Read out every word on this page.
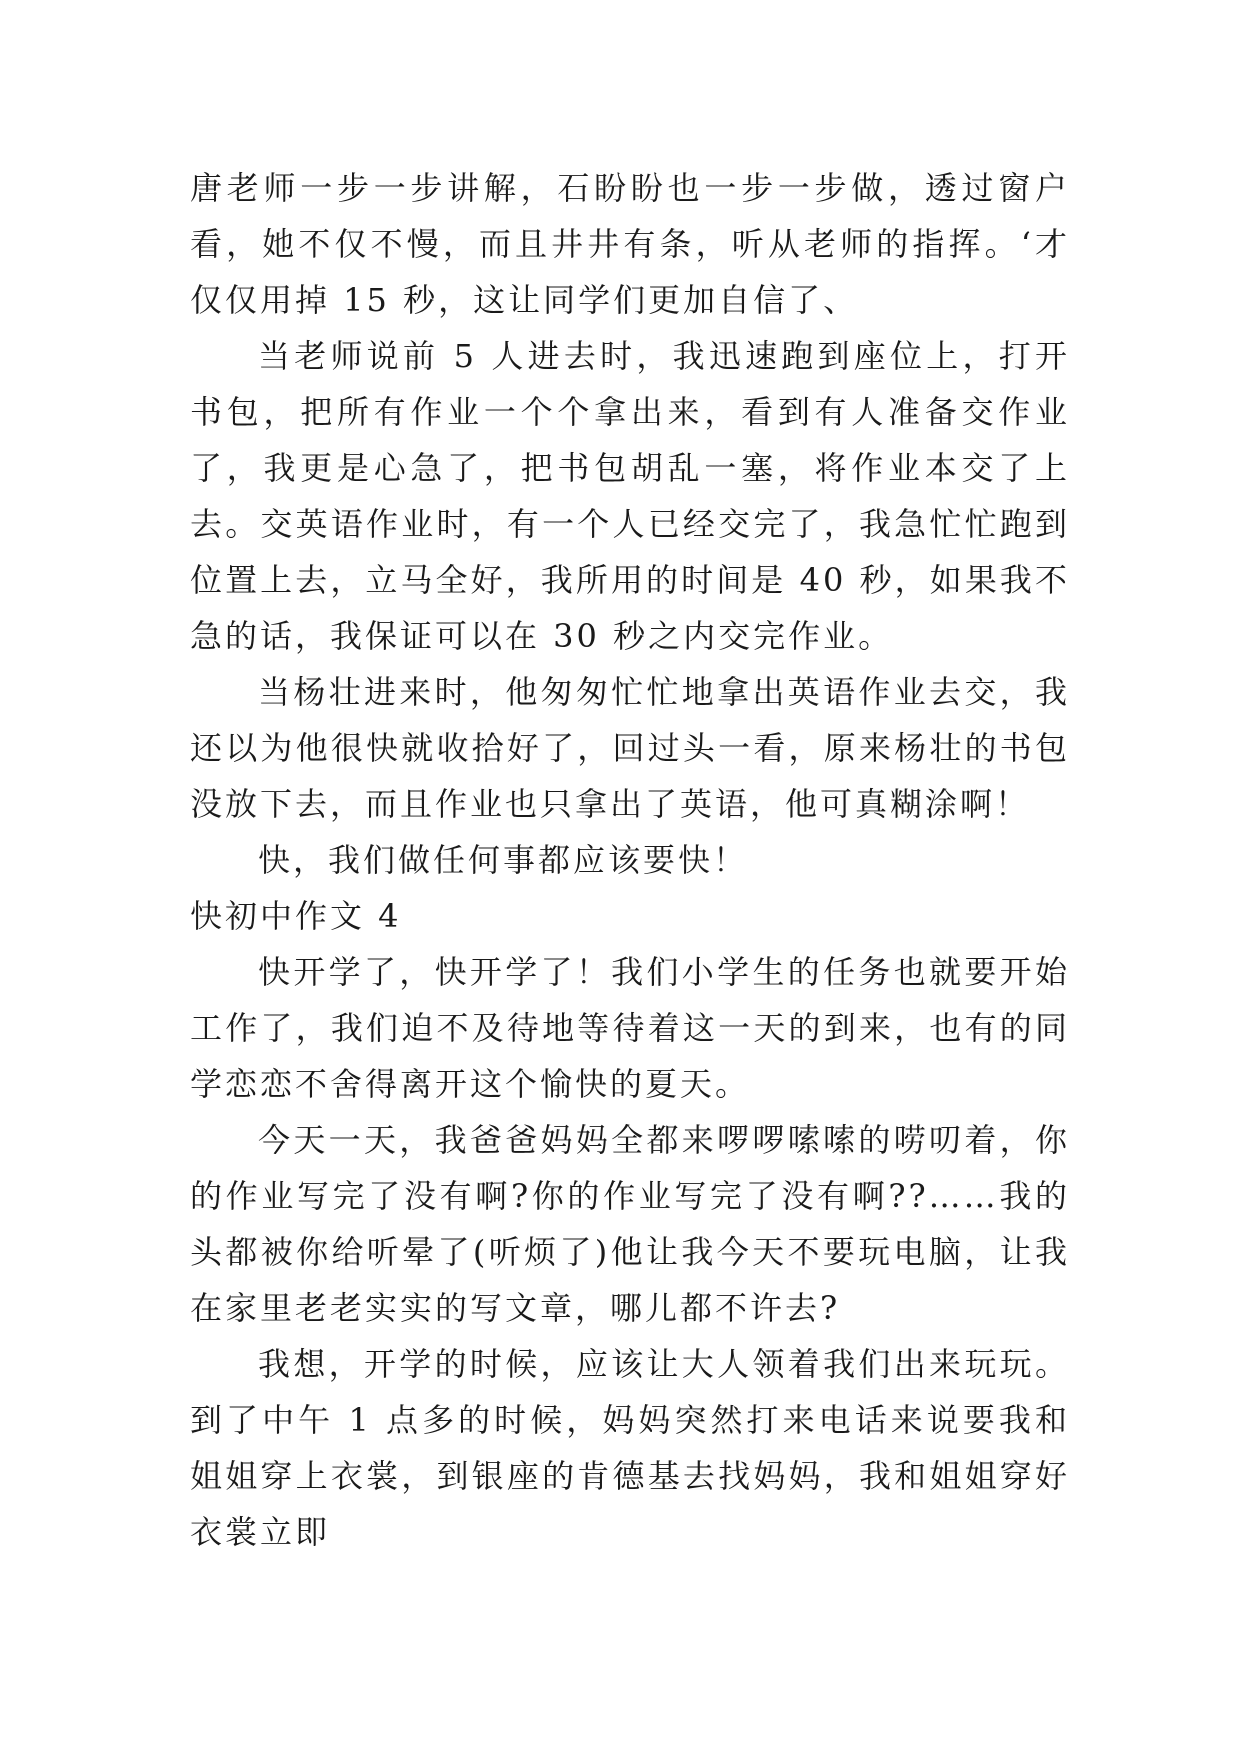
唐老师一步一步讲解，石盼盼也一步一步做，透过窗户看，她不仅不慢，而且井井有条，听从老师的指挥。‘才仅仅用掉 15 秒，这让同学们更加自信了、

当老师说前 5 人进去时，我迅速跑到座位上，打开书包，把所有作业一个个拿出来，看到有人准备交作业了，我更是心急了，把书包胡乱一塞，将作业本交了上去。交英语作业时，有一个人已经交完了，我急忙忙跑到位置上去，立马全好，我所用的时间是 40 秒，如果我不急的话，我保证可以在 30 秒之内交完作业。

当杨壮进来时，他匆匆忙忙地拿出英语作业去交，我还以为他很快就收拾好了，回过头一看，原来杨壮的书包没放下去，而且作业也只拿出了英语，他可真糊涂啊！

快，我们做任何事都应该要快！

快初中作文 4

快开学了，快开学了！我们小学生的任务也就要开始工作了，我们迫不及待地等待着这一天的到来，也有的同学恋恋不舍得离开这个愉快的夏天。

今天一天，我爸爸妈妈全都来啰啰嗦嗦的唠叨着，你的作业写完了没有啊?你的作业写完了没有啊??……我的头都被你给听晕了(听烦了)他让我今天不要玩电脑，让我在家里老老实实的写文章，哪儿都不许去?

我想，开学的时候，应该让大人领着我们出来玩玩。到了中午 1 点多的时候，妈妈突然打来电话来说要我和姐姐穿上衣裳，到银座的肯德基去找妈妈，我和姐姐穿好衣裳立即
